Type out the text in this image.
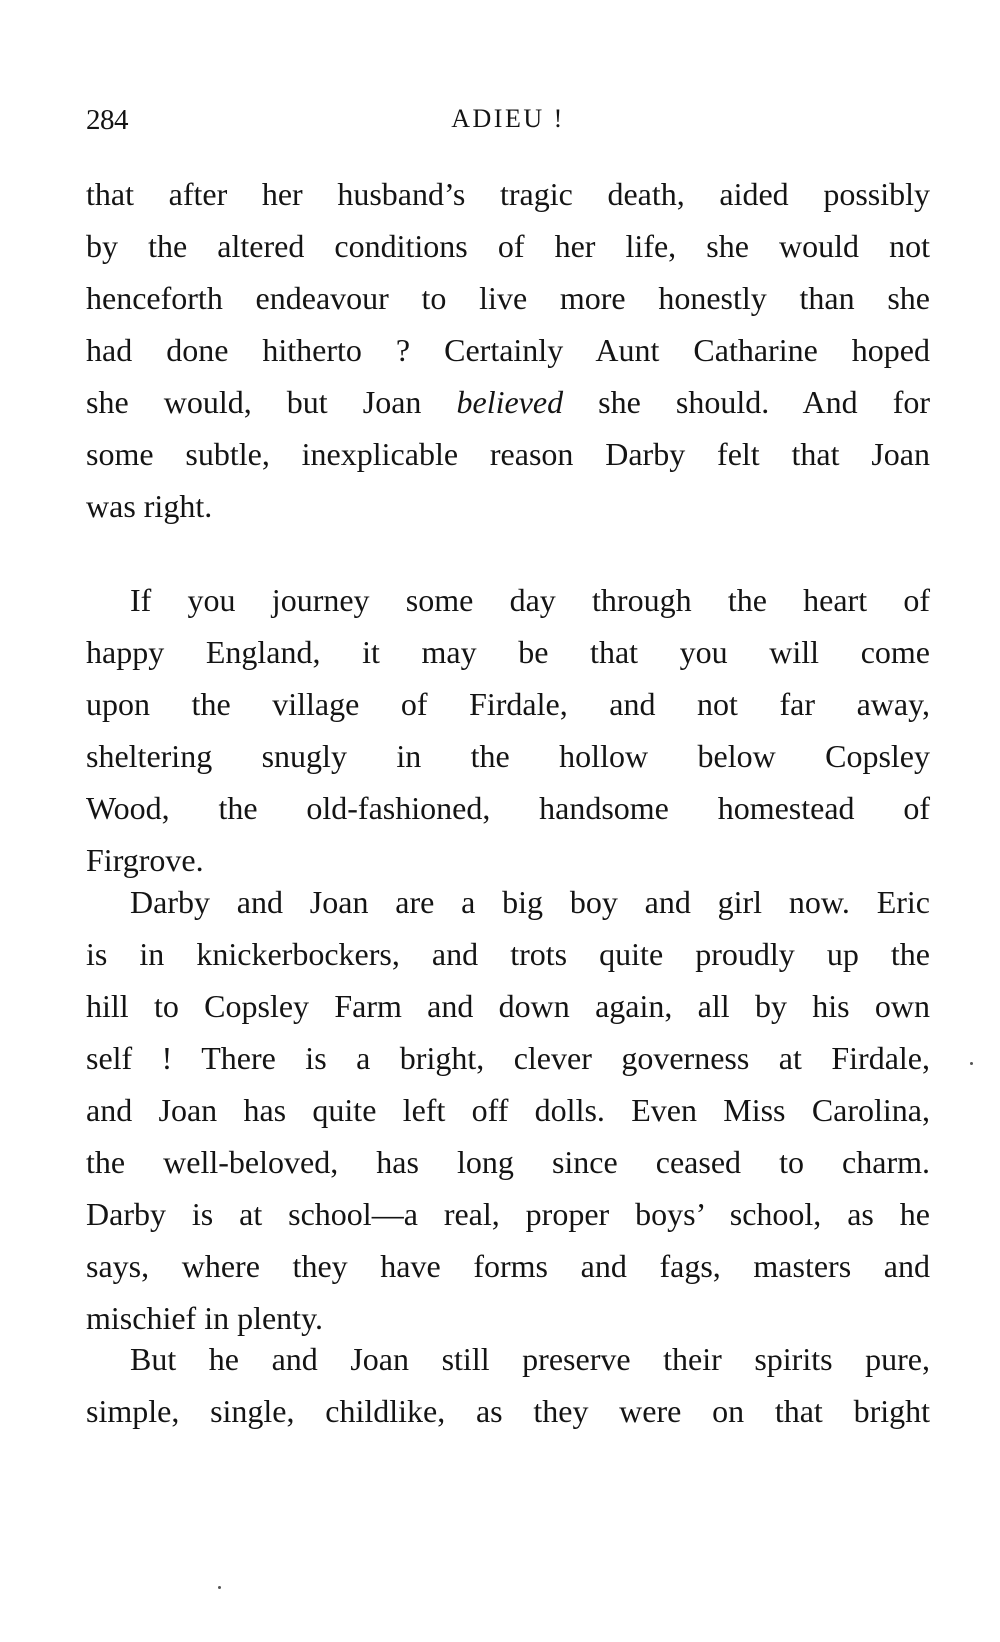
284	ADIEU !

that after her husband’s tragic death, aided possibly
by the altered conditions of her life, she would not
henceforth endeavour to live more honestly than she
had done hitherto ? Certainly Aunt Catharine hoped
she would, but Joan believed she should. And for
some subtle, inexplicable reason Darby felt that Joan
was right.

If you journey some day through the heart of
happy England, it may be that you will come
upon the village of Firdale, and not far away,
sheltering snugly in the hollow below Copsley
Wood, the old-fashioned, handsome homestead of
Firgrove.

Darby and Joan are a big boy and girl now. Eric
is in knickerbockers, and trots quite proudly up the
hill to Copsley Farm and down again, all by his own
self ! There is a bright, clever governess at Firdale,
and Joan has quite left off dolls. Even Miss Carolina,
the well-beloved, has long since ceased to charm.
Darby is at school—a real, proper boys’ school, as he
says, where they have forms and fags, masters and
mischief in plenty.

But he and Joan still preserve their spirits pure,
simple, single, childlike, as they were on that bright
